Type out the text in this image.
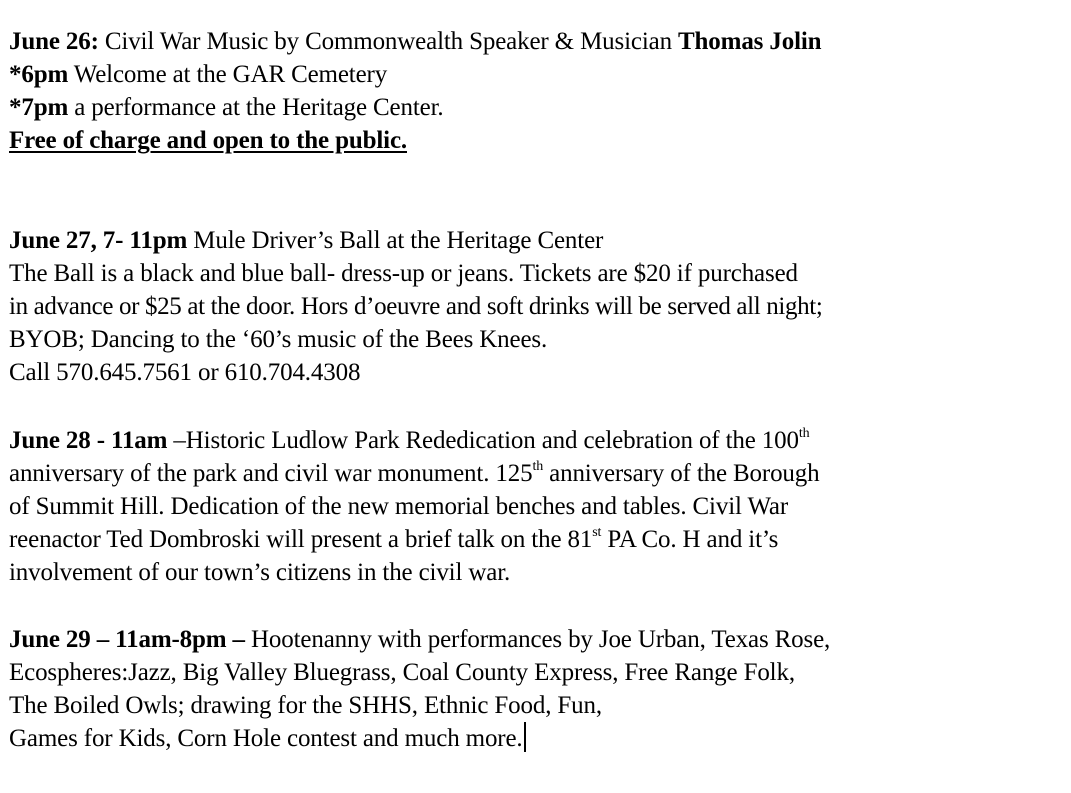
June 26: Civil War Music by Commonwealth Speaker & Musician Thomas Jolin
*6pm Welcome at the GAR Cemetery
*7pm a performance at the Heritage Center.
Free of charge and open to the public.
June 27, 7- 11pm Mule Driver’s Ball at the Heritage Center
The Ball is a black and blue ball- dress-up or jeans. Tickets are $20 if purchased
in advance or $25 at the door. Hors d’oeuvre and soft drinks will be served all night;
BYOB; Dancing to the ‘60’s music of the Bees Knees.
Call 570.645.7561 or 610.704.4308
June 28 - 11am –Historic Ludlow Park Rededication and celebration of the 100th
anniversary of the park and civil war monument. 125th anniversary of the Borough
of Summit Hill. Dedication of the new memorial benches and tables. Civil War
reenactor Ted Dombroski will present a brief talk on the 81st PA Co. H and it’s
involvement of our town’s citizens in the civil war.
June 29 – 11am-8pm – Hootenanny with performances by Joe Urban, Texas Rose,
Ecospheres:Jazz, Big Valley Bluegrass, Coal County Express, Free Range Folk,
The Boiled Owls; drawing for the SHHS, Ethnic Food, Fun,
Games for Kids, Corn Hole contest and much more.
